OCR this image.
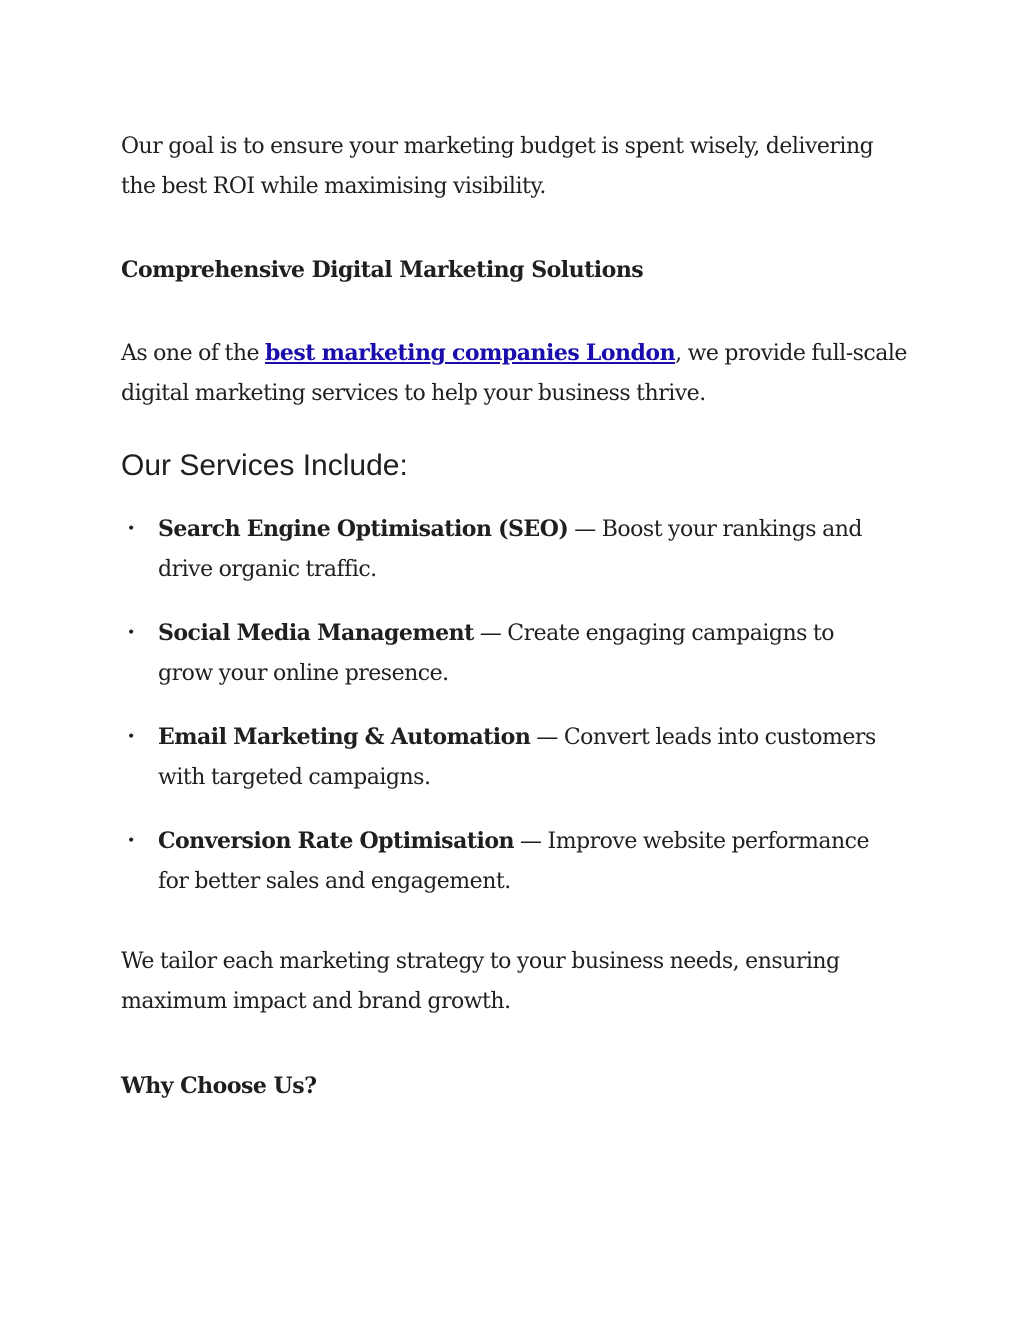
Our goal is to ensure your marketing budget is spent wisely, delivering the best ROI while maximising visibility.

Comprehensive Digital Marketing Solutions

As one of the best marketing companies London, we provide full-scale digital marketing services to help your business thrive.

Our Services Include:
• Search Engine Optimisation (SEO) — Boost your rankings and drive organic traffic.
• Social Media Management — Create engaging campaigns to grow your online presence.
• Email Marketing & Automation — Convert leads into customers with targeted campaigns.
• Conversion Rate Optimisation — Improve website performance for better sales and engagement.

We tailor each marketing strategy to your business needs, ensuring maximum impact and brand growth.

Why Choose Us?
